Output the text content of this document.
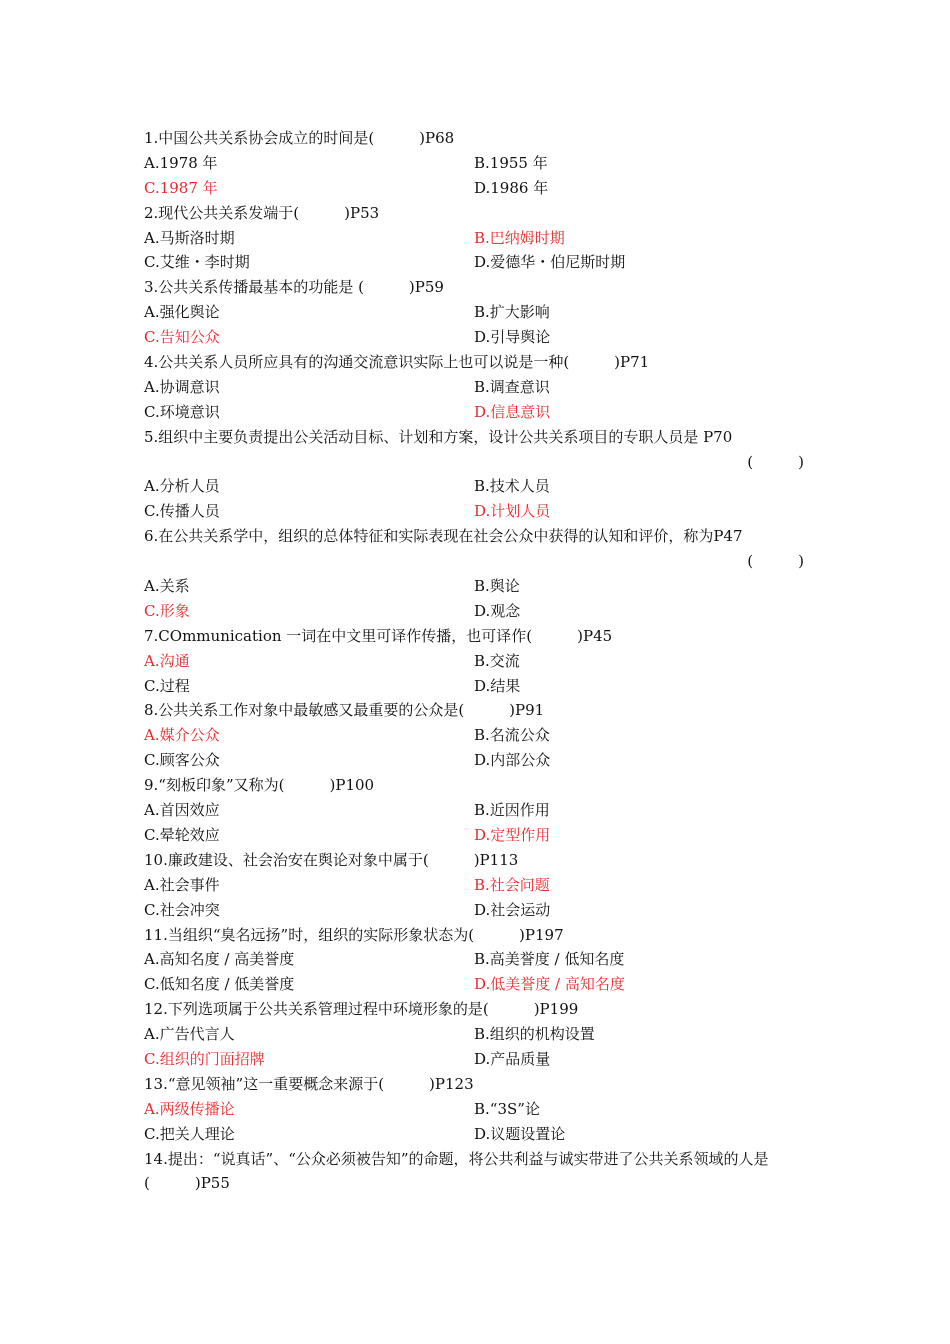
1.中国公共关系协会成立的时间是(　　　)P68
A.1978 年	B.1955 年
C.1987 年	D.1986 年
2.现代公共关系发端于(　　　)P53
A.马斯洛时期	B.巴纳姆时期
C.艾维・李时期	D.爱德华・伯尼斯时期
3.公共关系传播最基本的功能是 (　　　)P59
A.强化舆论	B.扩大影响
C.告知公众	D.引导舆论
4.公共关系人员所应具有的沟通交流意识实际上也可以说是一种(　　　)P71
A.协调意识	B.调查意识
C.环境意识	D.信息意识
5.组织中主要负责提出公关活动目标、计划和方案，设计公共关系项目的专职人员是 P70
(　　　)
A.分析人员	B.技术人员
C.传播人员	D.计划人员
6.在公共关系学中，组织的总体特征和实际表现在社会公众中获得的认知和评价，称为P47
(　　　)
A.关系	B.舆论
C.形象	D.观念
7.COmmunication 一词在中文里可译作传播，也可译作(　　　)P45
A.沟通	B.交流
C.过程	D.结果
8.公共关系工作对象中最敏感又最重要的公众是(　　　)P91
A.媒介公众	B.名流公众
C.顾客公众	D.内部公众
9.“刻板印象”又称为(　　　)P100
A.首因效应	B.近因作用
C.晕轮效应	D.定型作用
10.廉政建设、社会治安在舆论对象中属于(　　　)P113
A.社会事件	B.社会问题
C.社会冲突	D.社会运动
11.当组织“臭名远扬”时，组织的实际形象状态为(　　　)P197
A.高知名度 / 高美誉度	B.高美誉度 / 低知名度
C.低知名度 / 低美誉度	D.低美誉度 / 高知名度
12.下列选项属于公共关系管理过程中环境形象的是(　　　)P199
A.广告代言人	B.组织的机构设置
C.组织的门面招牌	D.产品质量
13.“意见领袖”这一重要概念来源于(　　　)P123
A.两级传播论	B.“3S”论
C.把关人理论	D.议题设置论
14.提出：“说真话”、“公众必须被告知”的命题，将公共利益与诚实带进了公共关系领域的人是(　　　)P55
